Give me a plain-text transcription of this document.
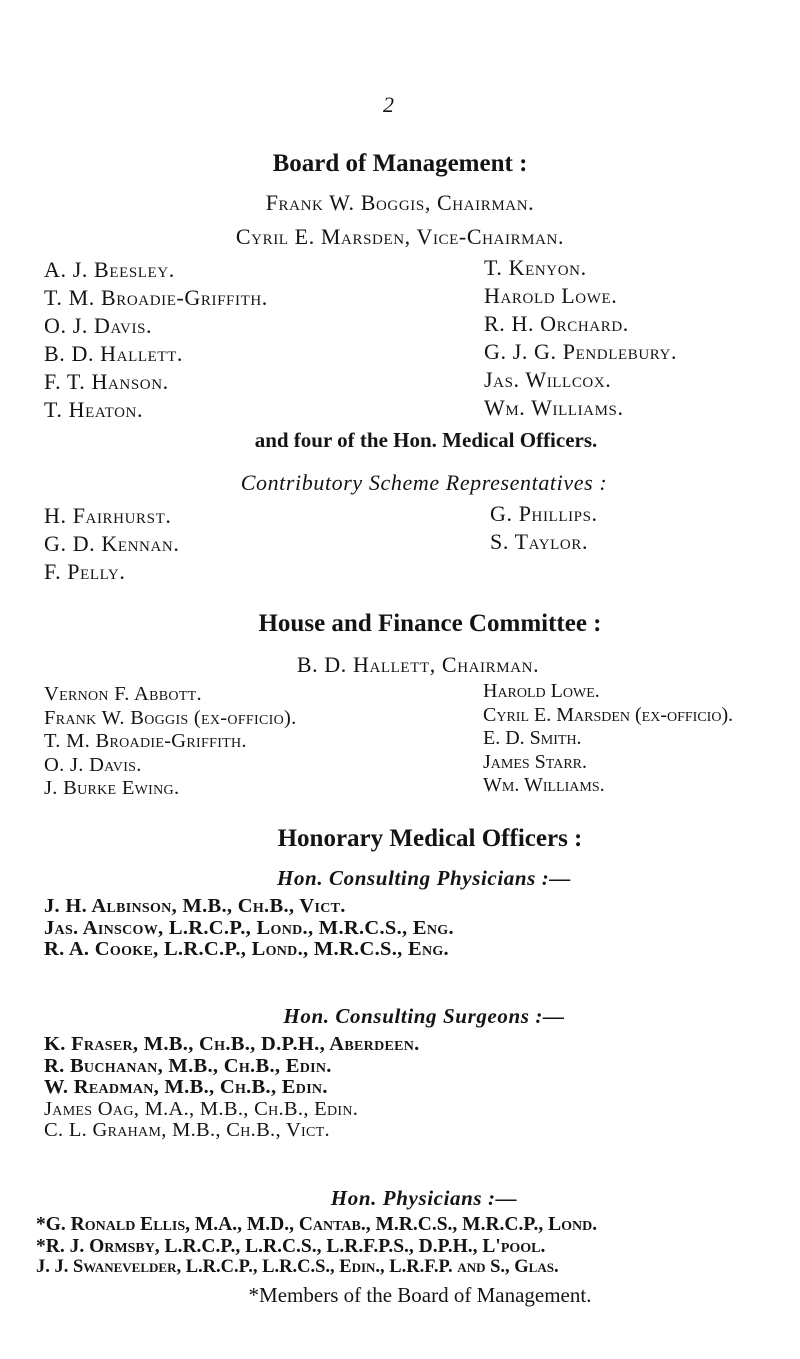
2
Board of Management :
Frank W. Boggis, Chairman.
Cyril E. Marsden, Vice-Chairman.
A. J. Beesley.
T. M. Broadie-Griffith.
O. J. Davis.
B. D. Hallett.
F. T. Hanson.
T. Heaton.
T. Kenyon.
Harold Lowe.
R. H. Orchard.
G. J. G. Pendlebury.
Jas. Willcox.
Wm. Williams.
and four of the Hon. Medical Officers.
Contributory Scheme Representatives :
H. Fairhurst.
G. D. Kennan.
F. Pelly.
G. Phillips.
S. Taylor.
House and Finance Committee :
B. D. Hallett, Chairman.
Vernon F. Abbott.
Frank W. Boggis (ex-officio).
T. M. Broadie-Griffith.
O. J. Davis.
J. Burke Ewing.
Harold Lowe.
Cyril E. Marsden (ex-officio).
E. D. Smith.
James Starr.
Wm. Williams.
Honorary Medical Officers :
Hon. Consulting Physicians :—
J. H. Albinson, M.B., Ch.B., Vict.
Jas. Ainscow, L.R.C.P., Lond., M.R.C.S., Eng.
R. A. Cooke, L.R.C.P., Lond., M.R.C.S., Eng.
Hon. Consulting Surgeons :—
K. Fraser, M.B., Ch.B., D.P.H., Aberdeen.
R. Buchanan, M.B., Ch.B., Edin.
W. Readman, M.B., Ch.B., Edin.
James Oag, M.A., M.B., Ch.B., Edin.
C. L. Graham, M.B., Ch.B., Vict.
Hon. Physicians :—
*G. Ronald Ellis, M.A., M.D., Cantab., M.R.C.S., M.R.C.P., Lond.
*R. J. Ormsby, L.R.C.P., L.R.C.S., L.R.F.P.S., D.P.H., L'pool.
J. J. Swanevelder, L.R.C.P., L.R.C.S., Edin., L.R.F.P. and S., Glas.
*Members of the Board of Management.
